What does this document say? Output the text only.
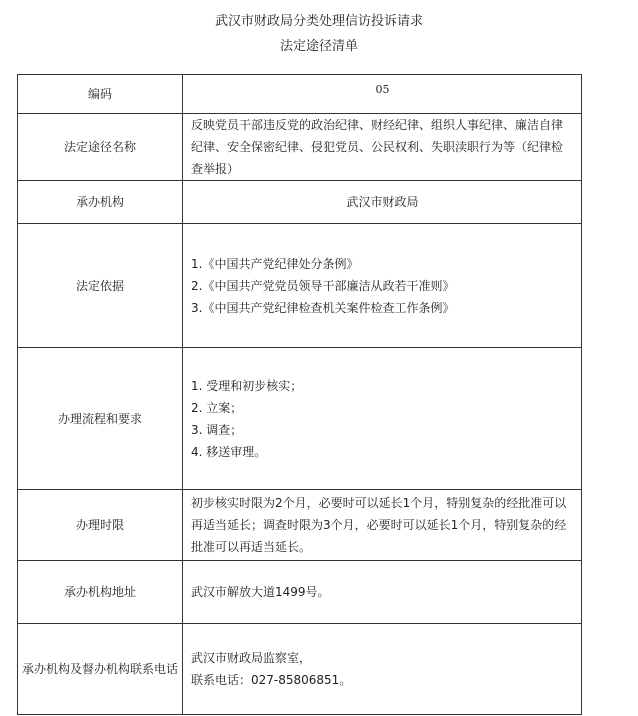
武汉市财政局分类处理信访投诉请求
法定途径清单
编码	05
法定途径名称	反映党员干部违反党的政治纪律、财经纪律、组织人事纪律、廉洁自律纪律、安全保密纪律、侵犯党员、公民权利、失职渎职行为等（纪律检查举报）
承办机构	武汉市财政局
法定依据	1.《中国共产党纪律处分条例》
2.《中国共产党党员领导干部廉洁从政若干准则》
3.《中国共产党纪律检查机关案件检查工作条例》

办理流程和要求	1. 受理和初步核实；
2. 立案；
3. 调查；
4. 移送审理。

办理时限	初步核实时限为2个月，必要时可以延长1个月，特别复杂的经批准可以再适当延长；调查时限为3个月，必要时可以延长1个月，特别复杂的经批准可以再适当延长。
承办机构地址	武汉市解放大道1499号。
承办机构及督办机构联系电话	武汉市财政局监察室，
联系电话：027-85806851。
